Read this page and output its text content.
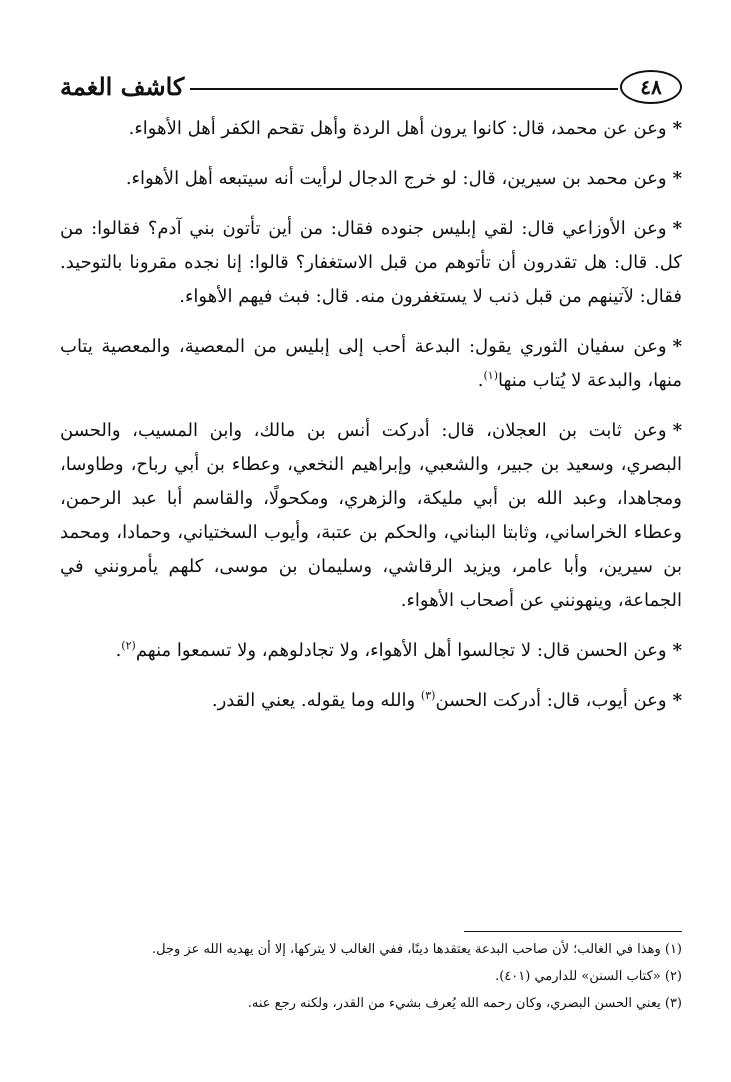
كاشف الغمة	٤٨

*وعن عن محمد، قال: كانوا يرون أهل الردة وأهل تقحم الكفر أهل الأهواء.

*وعن محمد بن سيرين، قال: لو خرج الدجال لرأيت أنه سيتبعه أهل الأهواء.

*وعن الأوزاعي قال: لقي إبليس جنوده فقال: من أين تأتون بني آدم؟ فقالوا: من كل. قال: هل تقدرون أن تأتوهم من قبل الاستغفار؟ قالوا: إنا نجده مقرونا بالتوحيد. فقال: لآتينهم من قبل ذنب لا يستغفرون منه. قال: فبث فيهم الأهواء.

*وعن سفيان الثوري يقول: البدعة أحب إلى إبليس من المعصية، والمعصية يتاب منها، والبدعة لا يُتاب منها$^{(١)}$.

*وعن ثابت بن العجلان، قال: أدركت أنس بن مالك، وابن المسيب، والحسن البصري، وسعيد بن جبير، والشعبي، وإبراهيم النخعي، وعطاء بن أبي رباح، وطاوسا، ومجاهدا، وعبد الله بن أبي مليكة، والزهري، ومكحولًا، والقاسم أبا عبد الرحمن، وعطاء الخراساني، وثابتا البناني، والحكم بن عتبة، وأيوب السختياني، وحمادا، ومحمد بن سيرين، وأبا عامر، ويزيد الرقاشي، وسليمان بن موسى، كلهم يأمرونني في الجماعة، وينهونني عن أصحاب الأهواء.

*وعن الحسن قال: لا تجالسوا أهل الأهواء، ولا تجادلوهم، ولا تسمعوا منهم$^{(٢)}$.

*وعن أيوب، قال: أدركت الحسن$^{(٣)}$ والله وما يقوله. يعني القدر.

(١) وهذا في الغالب؛ لأن صاحب البدعة يعتقدها دينًا، ففي الغالب لا يتركها، إلا أن يهديه الله عز وجل.

(٢) «كتاب السنن» للدارمي (٤٠١).

(٣) يعني الحسن البصري، وكان رحمه الله يُعرف بشيء من القدر، ولكنه رجع عنه.
